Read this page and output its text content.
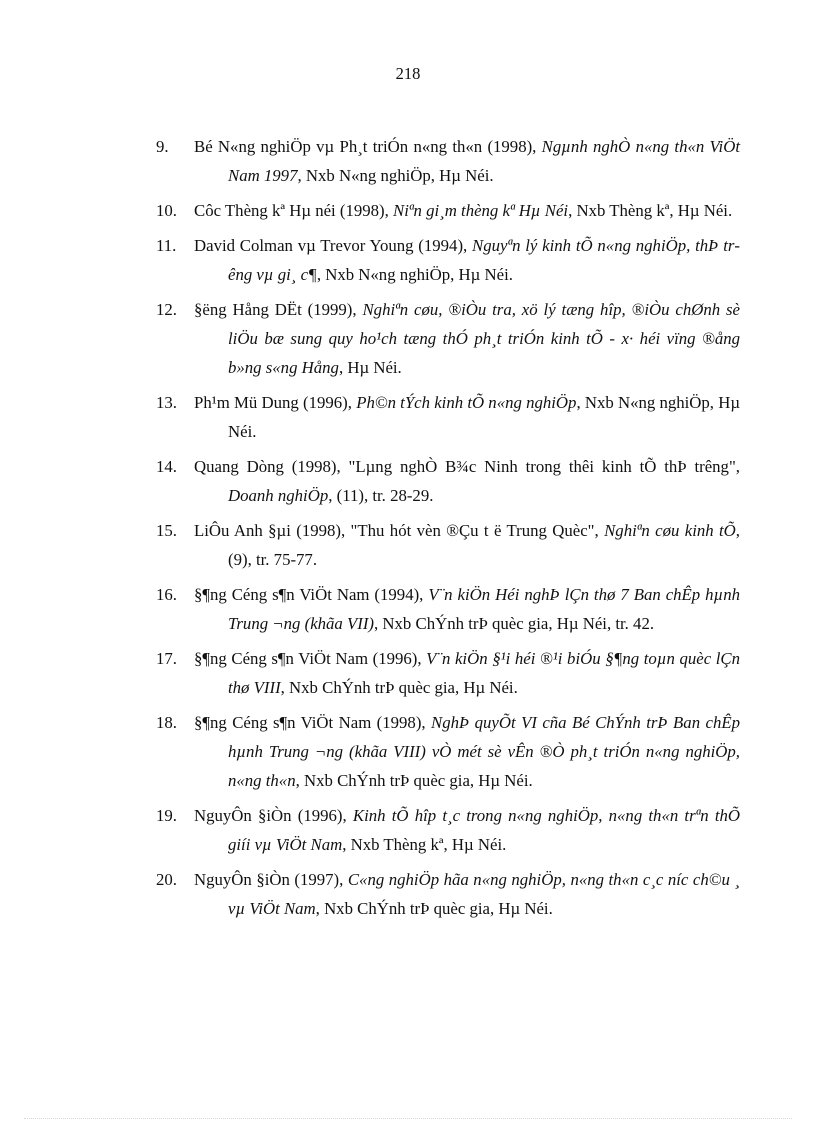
218
9.	Bé N«ng nghiÖp vµ Ph¸t triÓn n«ng th«n (1998), Ngµnh nghÒ n«ng th«n ViÖt Nam 1997, Nxb N«ng nghiÖp, Hµ Néi.
10.	Côc Thèng kª Hµ néi (1998), Niªn gi¸m thèng kª Hµ Néi, Nxb Thèng kª, Hµ Néi.
11.	David Colman vµ Trevor Young (1994), Nguyªn lý kinh tÕ n«ng nghiÖp, thÞ trêng vµ gi¸ c¶, Nxb N«ng nghiÖp, Hµ Néi.
12.	§ëng Hång DËt (1999), Nghiªn cøu, ®iÒu tra, xö lý tæng hîp, ®iÒu chØnh sè liÖu bæ sung quy ho¹ch tæng thÓ ph¸t triÓn kinh tÕ - x· héi vïng ®ång b»ng s«ng Hång, Hµ Néi.
13.	Ph¹m Mü Dung (1996), Ph©n tÝch kinh tÕ n«ng nghiÖp, Nxb N«ng nghiÖp, Hµ Néi.
14.	Quang Dòng (1998), "Lµng nghÒ B¾c Ninh trong thêi kinh tÕ thÞ trêng", Doanh nghiÖp, (11), tr. 28-29.
15.	LiÔu Anh §µi (1998), "Thu hót vèn ®Çu t ë Trung Quèc", Nghiªn cøu kinh tÕ, (9), tr. 75-77.
16.	§¶ng Céng s¶n ViÖt Nam (1994), V¨n kiÖn Héi nghÞ lÇn thø 7 Ban chÊp hµnh Trung ¬ng (khãa VII), Nxb ChÝnh trÞ quèc gia, Hµ Néi, tr. 42.
17.	§¶ng Céng s¶n ViÖt Nam (1996), V¨n kiÖn §¹i héi ®¹i biÓu §¶ng toµn quèc lÇn thø VIII, Nxb ChÝnh trÞ quèc gia, Hµ Néi.
18.	§¶ng Céng s¶n ViÖt Nam (1998), NghÞ quyÕt VI cña Bé ChÝnh trÞ Ban chÊp hµnh Trung ¬ng (khãa VIII) vÒ mét sè vÊn ®Ò ph¸t triÓn n«ng nghiÖp, n«ng th«n, Nxb ChÝnh trÞ quèc gia, Hµ Néi.
19.	NguyÔn §iÒn (1996), Kinh tÕ hîp t¸c trong n«ng nghiÖp, n«ng th«n trªn thÕ giíi vµ ViÖt Nam, Nxb Thèng kª, Hµ Néi.
20.	NguyÔn §iÒn (1997), C«ng nghiÖp hãa n«ng nghiÖp, n«ng th«n c¸c níc ch©u ¸ vµ ViÖt Nam, Nxb ChÝnh trÞ quèc gia, Hµ Néi.
